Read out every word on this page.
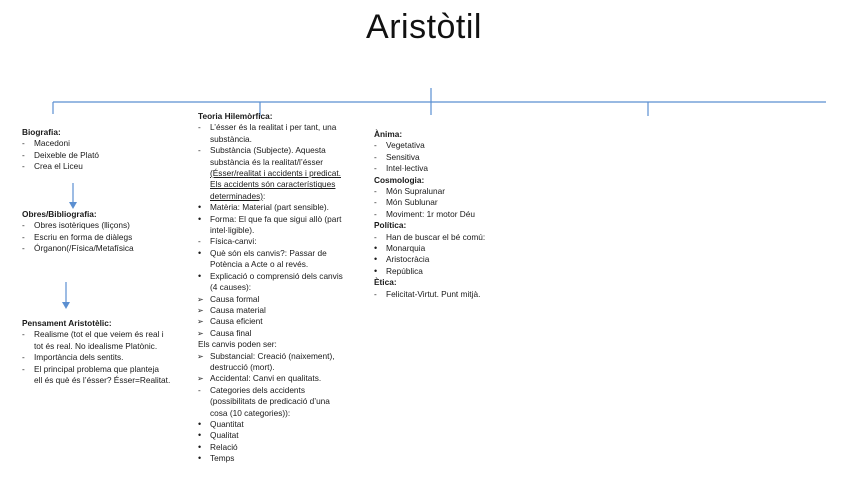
Aristòtil
Biografia:
- Macedoni
- Deixeble de Plató
- Crea el Liceu
Obres/Bibliografia:
- Obres isotèriques (lliçons)
- Escriu en forma de diàlegs
- Órganon(/Física/Metafísica
Pensament Aristotèlic:
- Realisme (tot el que veiem és real i
tot és real. No idealisme Platònic.
- Importància dels sentits.
- El principal problema que planteja
ell és què és l’ésser? Ésser=Realitat.
Teoria Hilemòrfica:
- L’ésser és la realitat i per tant, una
substància.
- Substància (Subjecte). Aquesta
substància és la realitat/l’ésser
(Ésser/realitat i accidents i predicat.
Els accidents són característiques
determinades):
• Matèria: Material (part sensible).
• Forma: El que fa que sigui allò (part
intel·ligible).
- Física-canvi:
• Què són els canvis?: Passar de
Potència a Acte o al revés.
• Explicació o comprensió dels canvis
(4 causes):
➢ Causa formal
➢ Causa material
➢ Causa eficient
➢ Causa final
Els canvis poden ser:
➢ Substancial: Creació (naixement),
destrucció (mort).
➢ Accidental: Canvi en qualitats.
- Categories dels accidents
(possibilitats de predicació d’una
cosa (10 categories)):
• Quantitat
• Qualitat
• Relació
• Temps
Ànima:
- Vegetativa
- Sensitiva
- Intel·lectiva
Cosmologia:
- Món Supralunar
- Món Sublunar
- Moviment: 1r motor Déu
Política:
- Han de buscar el bé comú:
• Monarquia
• Aristocràcia
• República
Ètica:
- Felicitat-Virtut. Punt mitjà.
